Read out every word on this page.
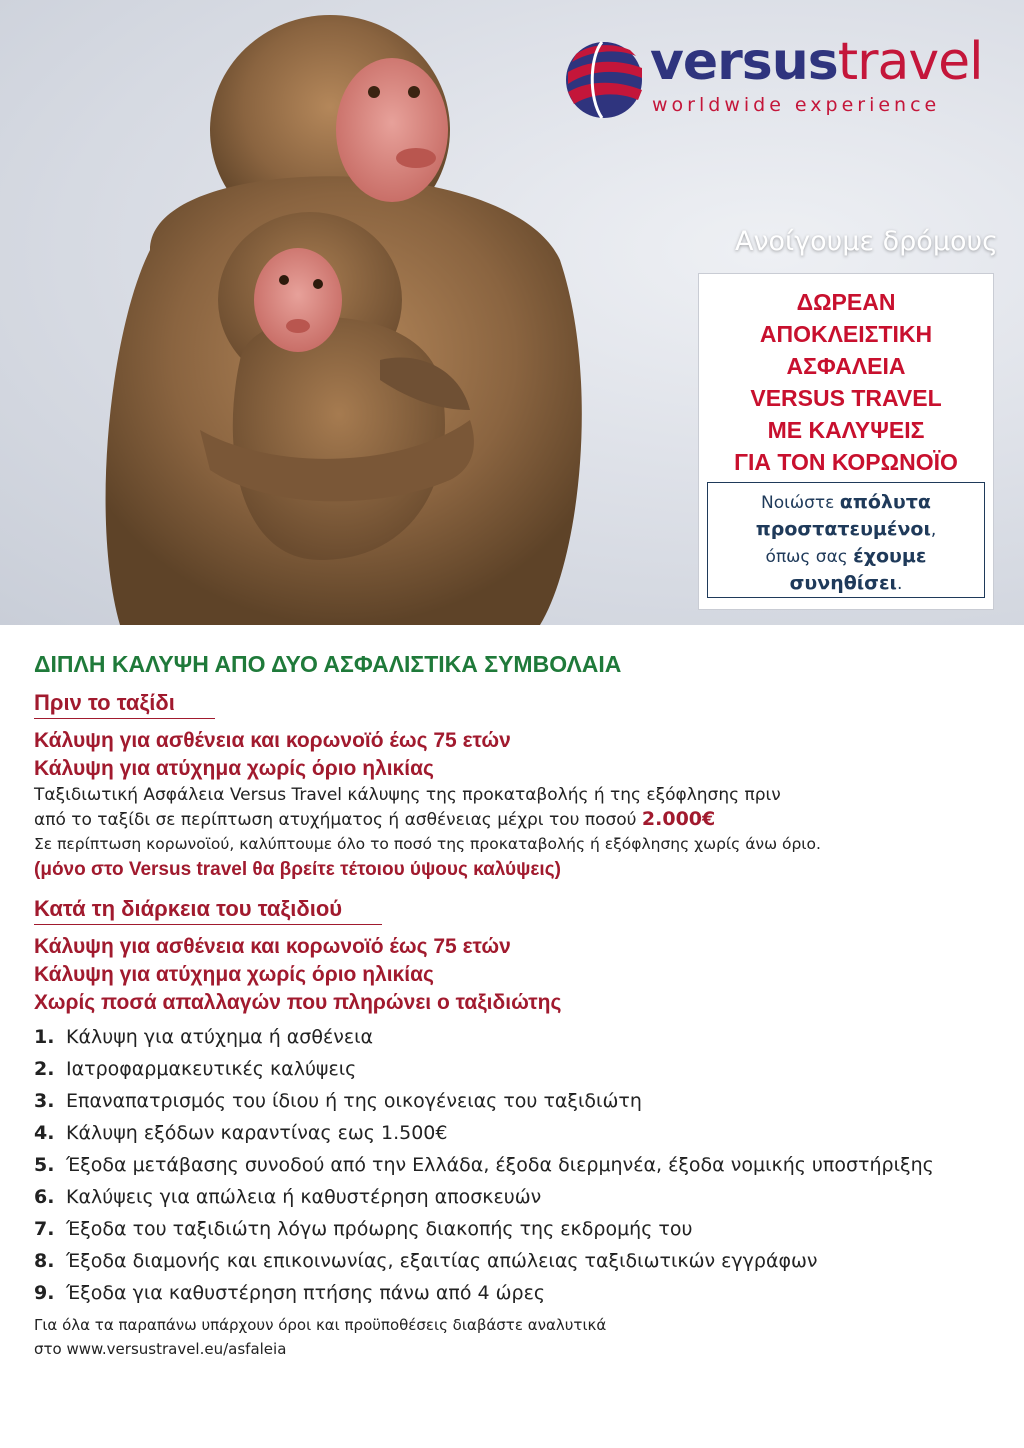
versustravel
worldwide experience
Ανοίγουμε δρόμους
ΔΩΡΕΑΝ
ΑΠΟΚΛΕΙΣΤΙΚΗ
ΑΣΦΑΛΕΙΑ
VERSUS TRAVEL
ΜΕ ΚΑΛΥΨΕΙΣ
ΓΙΑ ΤΟΝ ΚΟΡΩΝΟΪΟ
Νοιώστε απόλυτα
προστατευμένοι,
όπως σας έχουμε
συνηθίσει.
ΔΙΠΛΗ ΚΑΛΥΨΗ ΑΠΟ ΔΥΟ ΑΣΦΑΛΙΣΤΙΚΑ ΣΥΜΒΟΛΑΙΑ
Πριν το ταξίδι

Κάλυψη για ασθένεια και κορωνοϊό έως 75 ετών

Κάλυψη για ατύχημα χωρίς όριο ηλικίας

Ταξιδιωτική Ασφάλεια Versus Travel κάλυψης της προκαταβολής ή της εξόφλησης πριν

από το ταξίδι σε περίπτωση ατυχήματος ή ασθένειας μέχρι του ποσού 2.000€

Σε περίπτωση κορωνοϊού, καλύπτουμε όλο το ποσό της προκαταβολής ή εξόφλησης χωρίς άνω όριο.

(μόνο στο Versus travel θα βρείτε τέτοιου ύψους καλύψεις)

Κατά τη διάρκεια του ταξιδιού

Κάλυψη για ασθένεια και κορωνοϊό έως 75 ετών

Κάλυψη για ατύχημα χωρίς όριο ηλικίας

Χωρίς ποσά απαλλαγών που πληρώνει ο ταξιδιώτης

1. Κάλυψη για ατύχημα ή ασθένεια
2. Ιατροφαρμακευτικές καλύψεις
3. Επαναπατρισμός του ίδιου ή της οικογένειας του ταξιδιώτη
4. Κάλυψη εξόδων καραντίνας εως 1.500€
5. Έξοδα μετάβασης συνοδού από την Ελλάδα, έξοδα διερμηνέα, έξοδα νομικής υποστήριξης
6. Καλύψεις για απώλεια ή καθυστέρηση αποσκευών
7. Έξοδα του ταξιδιώτη λόγω πρόωρης διακοπής της εκδρομής του
8. Έξοδα διαμονής και επικοινωνίας, εξαιτίας απώλειας ταξιδιωτικών εγγράφων
9. Έξοδα για καθυστέρηση πτήσης πάνω από 4 ώρες

Για όλα τα παραπάνω υπάρχουν όροι και προϋποθέσεις διαβάστε αναλυτικά

στο www.versustravel.eu/asfaleia
